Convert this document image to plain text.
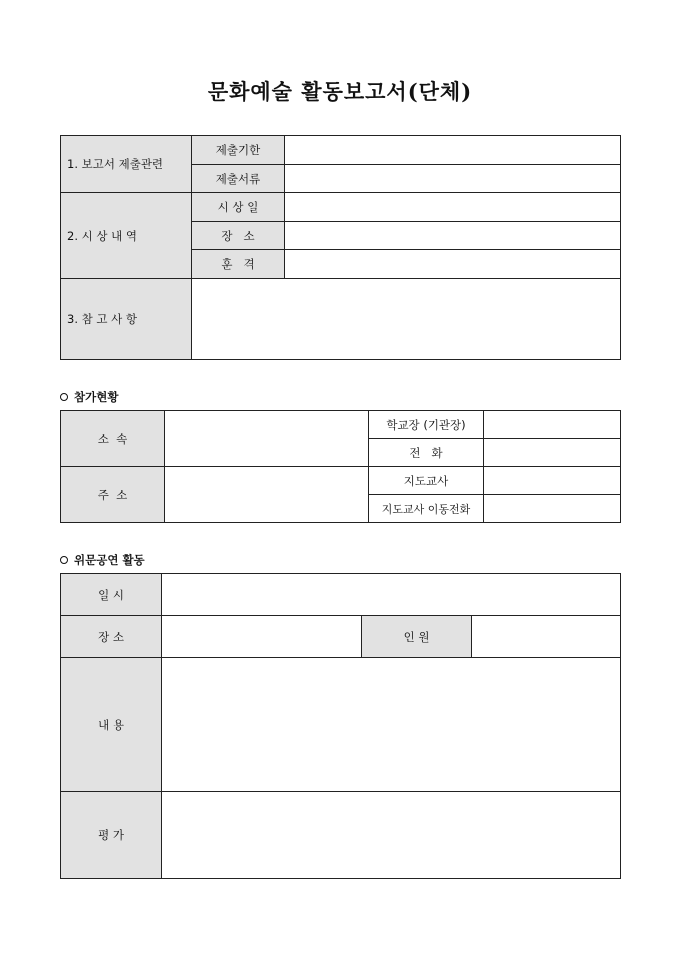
문화예술 활동보고서(단체)
1. 보고서 제출관련	제출기한	
	제출서류	
2. 시 상 내 역	시 상 일	
	장   소	
	훈   격	
3. 참 고 사 항		
참가현황
소  속		학교장 (기관장)	
		전   화	
주  소		지도교사	
		지도교사 이동전화	
위문공연 활동
일 시			
장 소		인 원	
내 용			
평 가			
